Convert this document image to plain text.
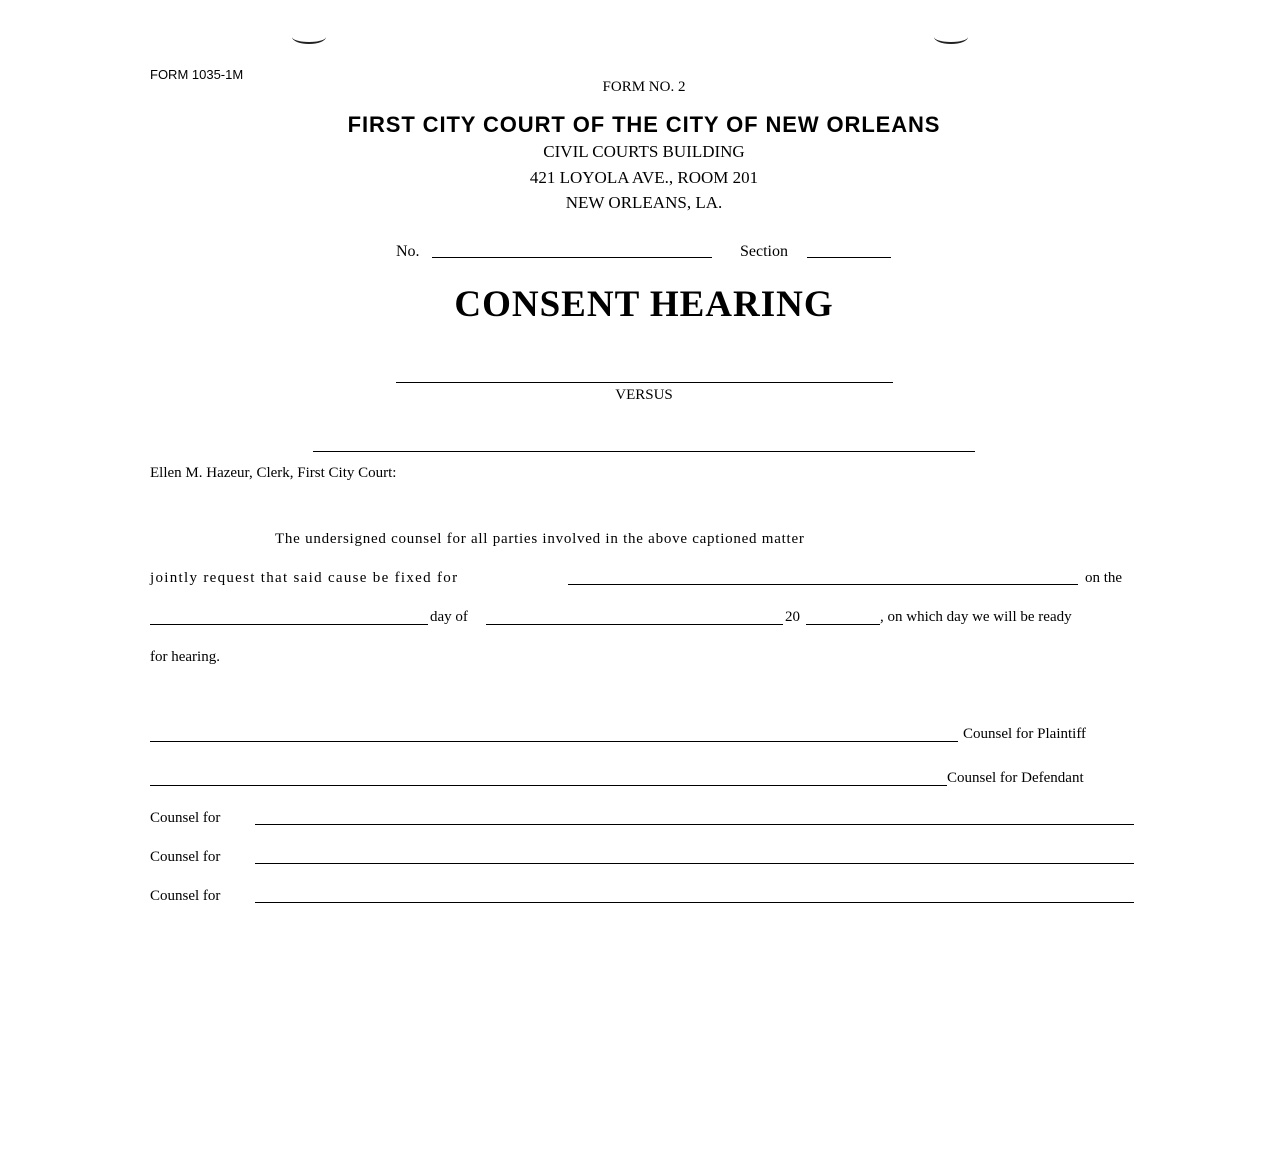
FORM 1035-1M
FORM NO. 2
FIRST CITY COURT OF THE CITY OF NEW ORLEANS
CIVIL COURTS BUILDING
421 LOYOLA AVE., ROOM 201
NEW ORLEANS, LA.
No.	Section
CONSENT HEARING
VERSUS
Ellen M. Hazeur, Clerk, First City Court:
The undersigned counsel for all parties involved in the above captioned matter
jointly request that said cause be fixed for	on the
day of	20	, on which day we will be ready
for hearing.
Counsel for Plaintiff
Counsel for Defendant
Counsel for
Counsel for
Counsel for
